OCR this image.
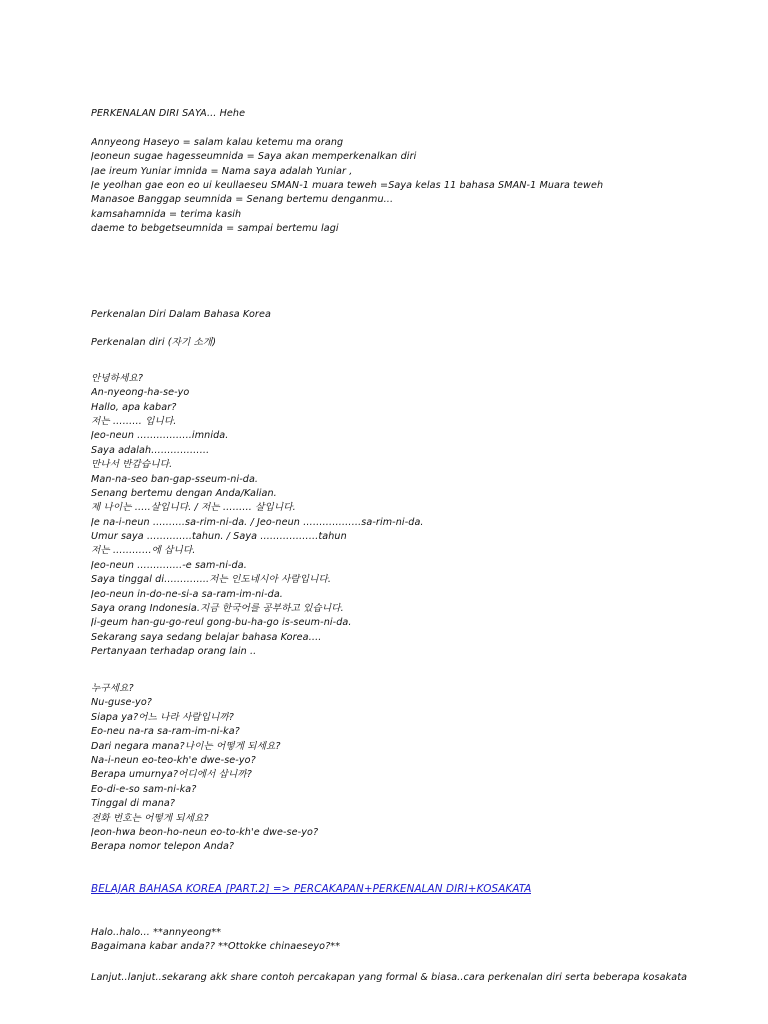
PERKENALAN DIRI SAYA... Hehe
Annyeong Haseyo = salam kalau ketemu ma orang
Jeoneun sugae hagesseumnida = Saya akan memperkenalkan diri
Jae ireum Yuniar imnida = Nama saya adalah Yuniar ,
Je yeolhan gae eon eo ui keullaeseu SMAN-1 muara teweh =Saya kelas 11 bahasa SMAN-1 Muara teweh
Manasoe Banggap seumnida = Senang bertemu denganmu...
kamsahamnida = terima kasih
daeme to bebgetseumnida = sampai bertemu lagi
Perkenalan Diri Dalam Bahasa Korea
Perkenalan diri (자기 소개)
안녕하세요?
An-nyeong-ha-se-yo
Hallo, apa kabar?
저는 ……… 입니다.
Jeo-neun ……………..imnida.
Saya adalah………………
만나서 반갑습니다.
Man-na-seo ban-gap-sseum-ni-da.
Senang bertemu dengan Anda/Kalian.
제 나이는 …..살입니다. / 저는 ……… 살입니다.
Je na-i-neun ……….sa-rim-ni-da. / Jeo-neun ………………sa-rim-ni-da.
Umur saya …………..tahun. / Saya ………………tahun
저는 …………에 삽니다.
Jeo-neun …………..-e sam-ni-da.
Saya tinggal di…………..저는 인도네시아 사람입니다.
Jeo-neun in-do-ne-si-a sa-ram-im-ni-da.
Saya orang Indonesia.지금 한국어를 공부하고 있습니다.
Ji-geum han-gu-go-reul gong-bu-ha-go is-seum-ni-da.
Sekarang saya sedang belajar bahasa Korea….
Pertanyaan terhadap orang lain ..
누구세요?
Nu-guse-yo?
Siapa ya?어느 나라 사람입니까?
Eo-neu na-ra sa-ram-im-ni-ka?
Dari negara mana?나이는 어떻게 되세요?
Na-i-neun eo-teo-kh'e dwe-se-yo?
Berapa umurnya?어디에서 삽니까?
Eo-di-e-so sam-ni-ka?
Tinggal di mana?
전화 번호는 어떻게 되세요?
Jeon-hwa beon-ho-neun eo-to-kh'e dwe-se-yo?
Berapa nomor telepon Anda?
BELAJAR BAHASA KOREA [PART.2] => PERCAKAPAN+PERKENALAN DIRI+KOSAKATA
Halo..halo… **annyeong**
Bagaimana kabar anda?? **Ottokke chinaeseyo?**
Lanjut..lanjut..sekarang akk share contoh percakapan yang formal & biasa..cara perkenalan diri serta beberapa kosakata
